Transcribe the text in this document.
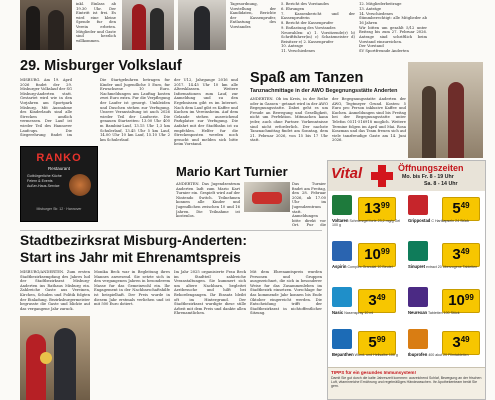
inkl. Einlass ab 19.30 Uhr. Der Eintritt ist frei. Es wird eine kleine Spende fur den Verein erbeten. Mitglieder und Gaste sind herzlich willkommen.

Tagesordnung, Vorstellung der Kandidaten, Berichte der Kassenprufer, Entlastung des Vorstandes

5. Bericht des Vorstandes

6. Ehrungen

7. Kassenbericht und der Kassenpruferin

8. Bericht der Kassenprufer

9. Entlastung des Vorstandes

Neuwahlen: a) 1. Vorsitzende(r) b) Schriftfuhrer(in) c) Schatzmeister d) Beisitzer e) 2. Kassenprufer

10. Antrage

11. Verschiedenes

12. Mitgliederbeitrage

13. Anträge

14. Verschiedenes

Stimmberechtigt: alle Mitglieder ab 16 Jahren

Wir bitten um gezahlt 5/12 unter Beitrag bis zum 27. Februar 2026. Antrage sind schriftlich beim Vorstand einzureichen.

Der Vorstand

SV Sportfreunde Anderten

29. Misburger Volkslauf

MISBURG. Am 19. April 2026 findet der 29. Misburger Volkslauf der SG Misburg-Anderten statt. Gestartet wird wie in den Vorjahren am Sportpark Misburg. Mit Ausnahme des Kinderlaufs sind alle Strecken amtlich vermessen. Der Lauf ist wieder Teil des Hannover Laufcups. Die Siegerehrung findet im

Die Startgebuhren betragen fur Kinder und Jugendliche 5 Euro, fur Erwachsene 10 Euro. Nachmeldungen am Lauftag kosten zwei Euro extra. Fur die Verpflegung der Laufer ist gesorgt. Umkleiden und Duschen stehen zur Verfugung. Unsere Veranstaltung ist auch 2026 wieder Teil der Laufserie. Die genauen Startzeiten: 13.00 Uhr 400 m Bambini-Lauf, 13.15 Uhr 1,3 km Schulerlauf, 13.45 Uhr 5 km Lauf, 14.00 Uhr 10 km Lauf, 15.10 Uhr 2 km Schulerlauf.

der U12, Jahrgange 2016 und 2017. 14.45 Uhr 10 km alle Altersklassen. Weitere Informationen zum Lauf, zur Anmeldung und zu den Ergebnissen gibt es im Internet. Nach dem Lauf gibt es Kaffee und Kuchen im Vereinsheim. Auf dem Gelande stehen ausreichend Parkplatze zur Verfugung. Die Anfahrt mit der Stadtbahn ist zu empfehlen. Helfer fur die Streckenposten werden noch gesucht und melden sich bitte beim Vorstand.

RANKO
Restaurant
Gutbürgerliche Küche
Feiern & Events
Außer-Haus-Service
Misburger Str. 12 · Hannover
Mario Kart Turnier

ANDERTEN. Das Jugendzentrum Anderten ladt zum Mario Kart Turnier ein. Gespielt wird auf der Nintendo Switch. Teilnehmen konnen alle Kinder und Jugendlichen zwischen 10 und 16 Jahren. Die Teilnahme ist kostenlos.

Das Turnier findet am Freitag, den 28. Februar 2026, ab 17.00 Uhr im Jugendzentrum statt. Anmeldungen bitte direkt vor Ort. Fur die

Spaß am Tanzen
Tanznachmittage in der AWO Begegnungsstätte Anderten

ANDERTEN. Ob im Kreis, in der Reihe oder in Gassen - getanzt wird in der AWO Begegnungsstatte. Dabei geht es um Freude an Bewegung und Geselligkeit, nicht um Perfektion. Mitmachen kann jeder, auch ohne Partner. Vorkenntnisse sind nicht erforderlich. Der nachste Tanznachmittag findet am Sonntag, dem 21. Februar 2026, von 15 bis 17 Uhr statt.

der Begegnungsstatte Anderten der AWO, Tegtmeyer Grund. Kosten: 5 Euro pro Person inklusive Kaffee und Kuchen. Anmeldungen sind bis Freitag bei der Begegnungsstatte unter Telefon 0511-516918 moglich. Weitere Termine folgen im April und Mai. Rosa Koszman und das Team freuen sich auf viele tanzfreudige Gaste am 14. Juni 2026.

Vital	Öffnungszeiten
Mo. bis Fr. 8 - 19 Uhr
Sa. 8 - 14 Uhr
$13^{99}$
Voltaren Schmerzgel forte 23,2 mg/g Gel 100 g
$5^{49}$
Grippostad C Hartkapseln 24 Stück
$10^{99}$
Aspirin Complex Granulat 10 Beutel
$3^{49}$
Sinupret extract 20 überzogene Tabletten
$3^{49}$
Nasic Nasenspray 10 ml
$10^{99}$
Neurexan Tabletten 100 Stück
$5^{99}$
Bepanthen Wund- und Heilsalbe 100 g
$3^{49}$
Ibuprofen 400 akut 20 Filmtabletten
TIPPS für ein gesundes Immunsystem!
Damit Sie gut durch die kalte Jahreszeit kommen: ausreichend Schlaf, Bewegung an der frischen Luft, vitaminreiche Ernährung und regelmäßiges Händewaschen. Ihr Apothekenteam berät Sie gern.
Stadtbezirksrat Misburg-Anderten:
Start ins Jahr mit Ehrenamtspreis

MISBURG/ANDERTEN. Zum ersten Stadtbezirksempfang des Jahres lud der Stadtbezirksrat Misburg-Anderten ins Rathaus Misburg ein. Zahlreiche Gaste aus Vereinen, Kirchen, Schulen und Politik folgten der Einladung. Bezirksburgermeister begrusste die Gaste und blickte auf das vergangene Jahr zuruck.

Monika Beck war in Begleitung ihres Mannes anwesend. Sie setzte sich in den vergangenen Jahren in besonderem Masse fur das Gemeinwohl ein. Ihr Engagement in der Nachbarschaftshilfe ist beispielhaft. Der Preis wurde in diesem Jahr erstmals verliehen und ist mit 500 Euro dotiert.

Im Jahr 2025 organisierte Frau Beck im Stadtteil zahlreiche Veranstaltungen. Sie kummert sich um altere Nachbarn, begleitet Arztbesuche und hilft bei Behordengangen. Ihr Einsatz bleibt oft im Hintergrund. Der Stadtbezirksrat wurdigte diese stille Arbeit mit dem Preis und dankte allen Ehrenamtlichen.

Mit dem Ehrenamtspreis wurden Personen und Gruppen ausgezeichnet, die sich in besonderer Weise fur das Zusammenleben im Stadtbezirk einsetzen. Vorschlage fur das kommende Jahr konnen bis Ende Oktober eingereicht werden. Die Entscheidung trifft der Stadtbezirksrat in nichtoffentlicher Sitzung.
